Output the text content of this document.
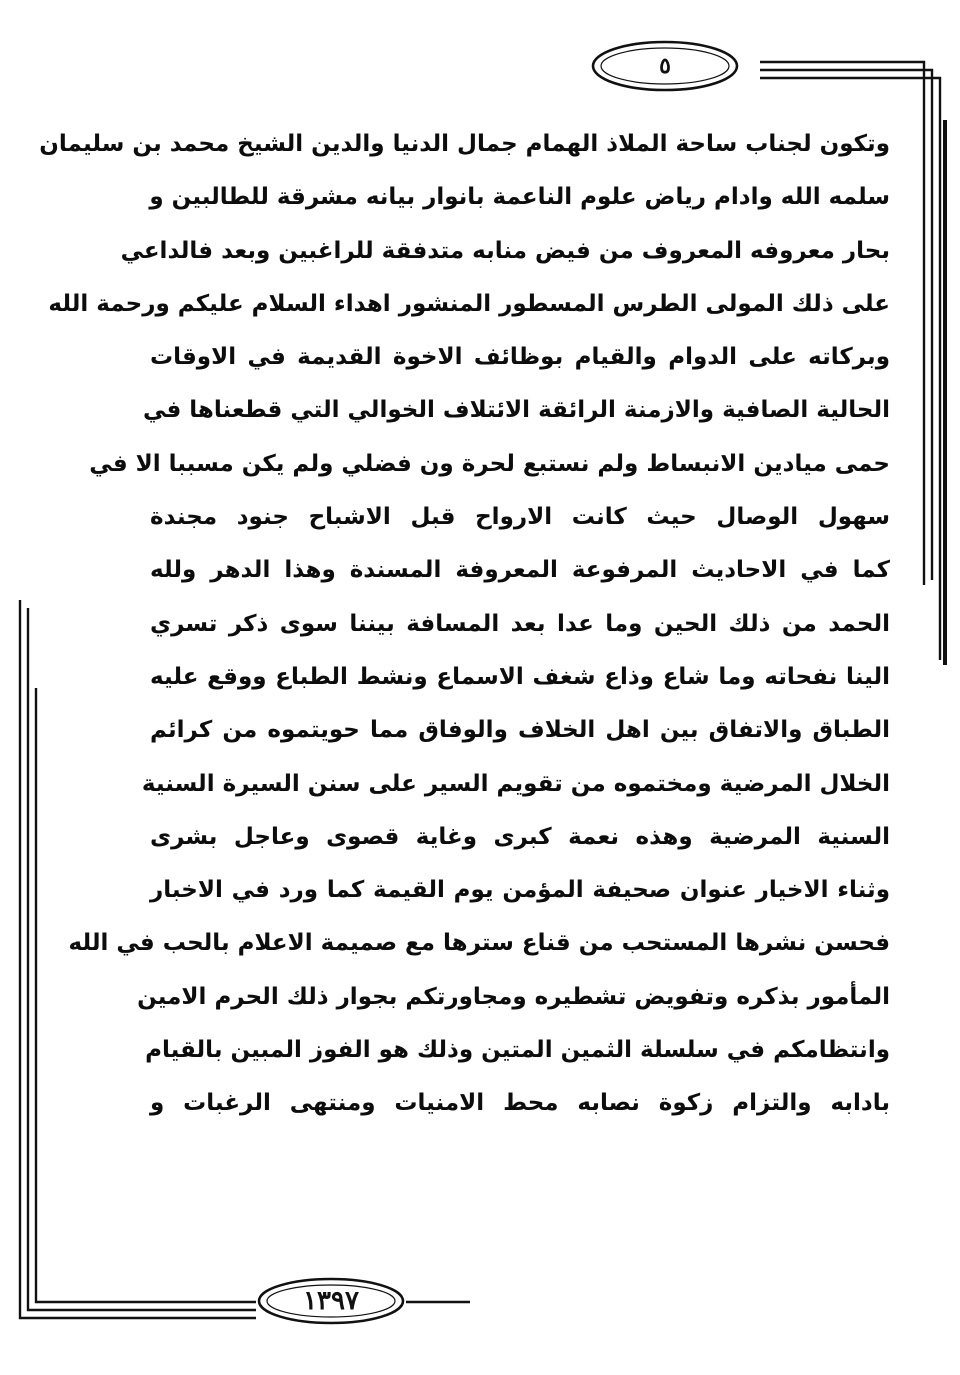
٥
وتكون لجناب ساحة الملاذ الهمام جمال الدنيا والدين الشيخ محمد بن سليمان
سلمه الله وادام رياض علوم الناعمة بانوار بيانه مشرقة للطالبين و
بحار معروفه المعروف من فيض منابه متدفقة للراغبين وبعد فالداعي
على ذلك المولى الطرس المسطور المنشور اهداء السلام عليكم ورحمة الله
وبركاته على الدوام والقيام بوظائف الاخوة القديمة في الاوقات
الحالية الصافية والازمنة الرائقة الائتلاف الخوالي التي قطعناها في
حمى ميادين الانبساط ولم نستبع لحرة ون فضلي ولم يكن مسببا الا في
سهول الوصال حيث كانت الارواح قبل الاشباح جنود مجندة
كما في الاحاديث المرفوعة المعروفة المسندة وهذا الدهر ولله
الحمد من ذلك الحين وما عدا بعد المسافة بيننا سوى ذكر تسري
الينا نفحاته وما شاع وذاع شغف الاسماع ونشط الطباع ووقع عليه
الطباق والاتفاق بين اهل الخلاف والوفاق مما حويتموه من كرائم
الخلال المرضية ومختموه من تقويم السير على سنن السيرة السنية
السنية المرضية وهذه نعمة كبرى وغاية قصوى وعاجل بشرى
وثناء الاخيار عنوان صحيفة المؤمن يوم القيمة كما ورد في الاخبار
فحسن نشرها المستحب من قناع سترها مع صميمة الاعلام بالحب في الله
المأمور بذكره وتفويض تشطيره ومجاورتكم بجوار ذلك الحرم الامين
وانتظامكم في سلسلة الثمين المتين وذلك هو الفوز المبين بالقيام
بادابه والتزام زكوة نصابه محط الامنيات ومنتهى الرغبات و
١٣٩٧
